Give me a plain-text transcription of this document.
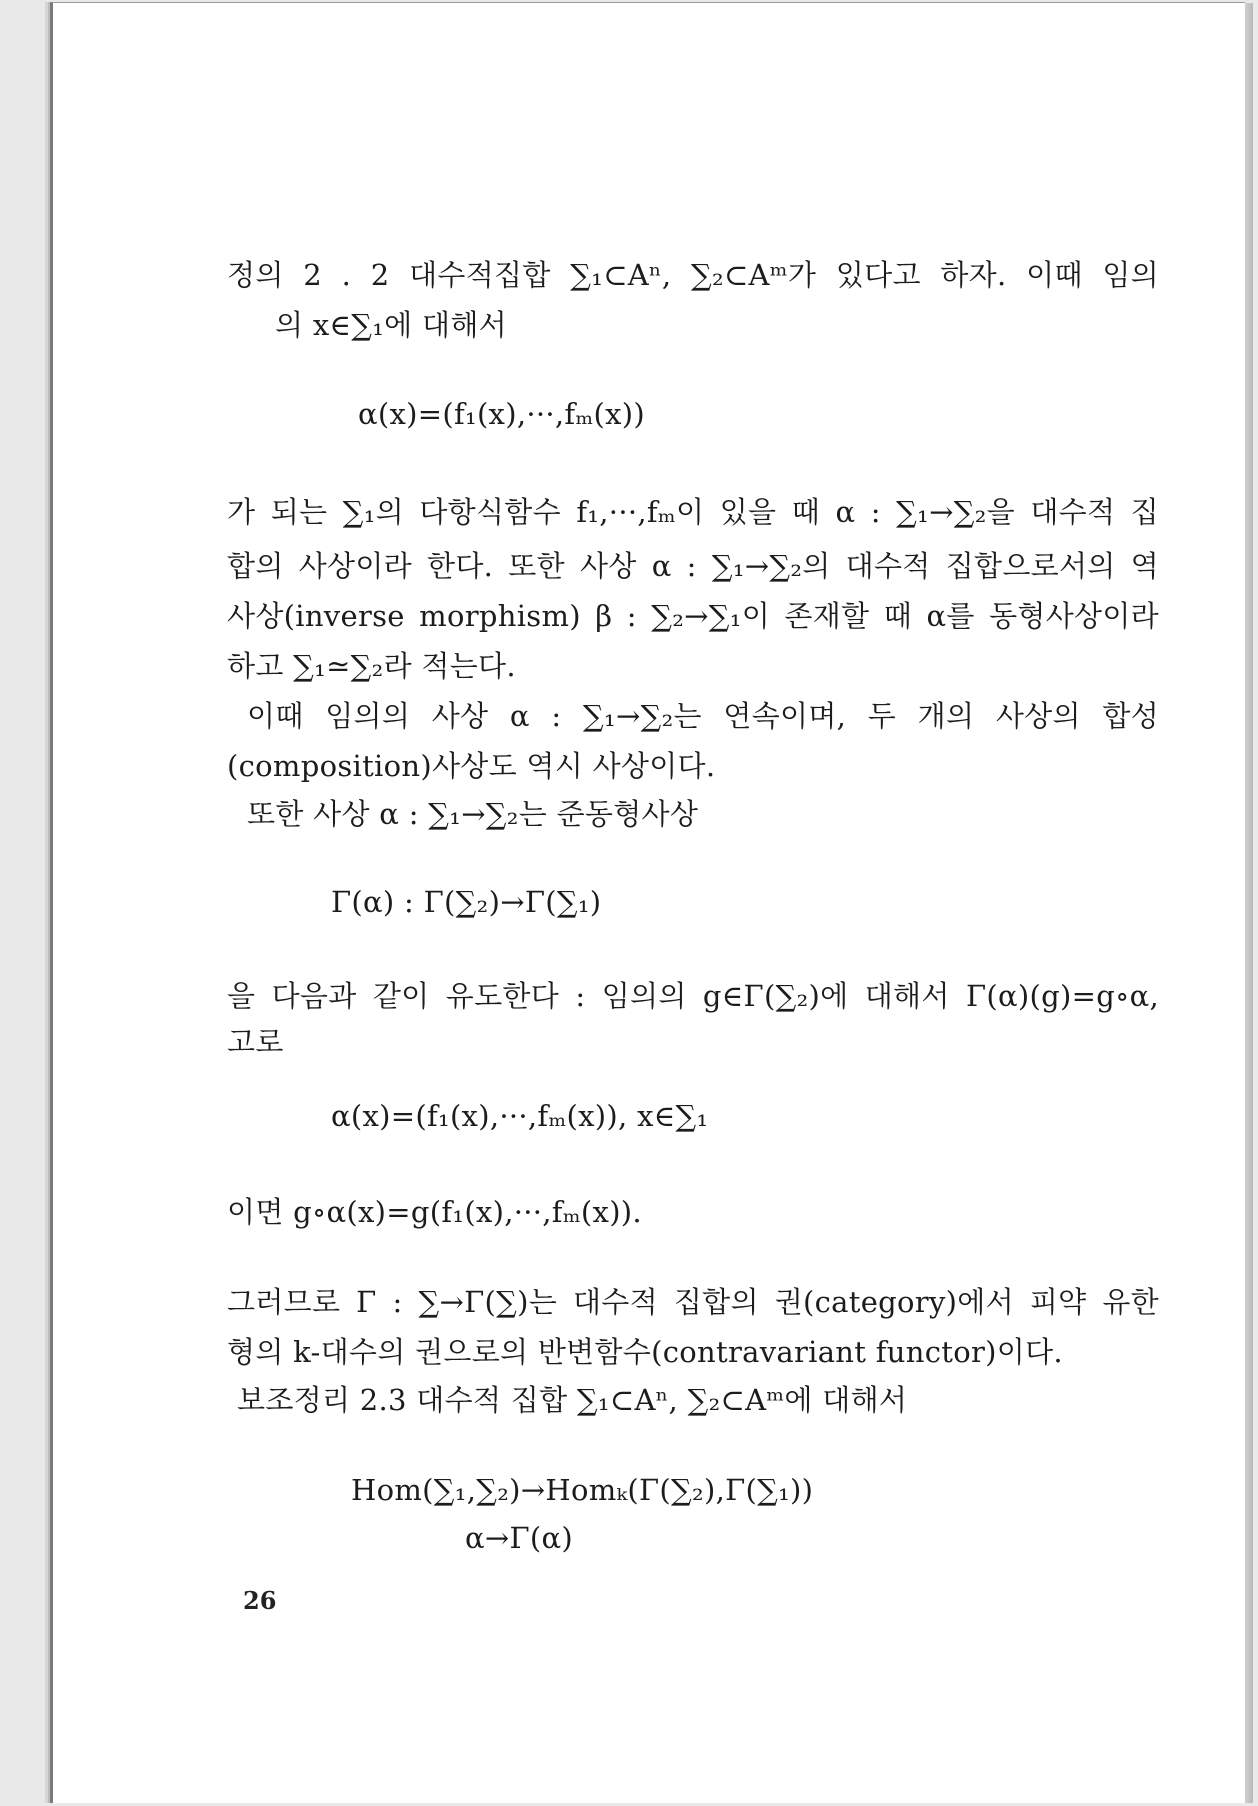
정의 2 . 2 대수적집합 ∑₁⊂Aⁿ, ∑₂⊂Aᵐ가 있다고 하자. 이때 임의
의 x∈∑₁에 대해서
α(x)=(f₁(x),···,fₘ(x))
가 되는 ∑₁의 다항식함수 f₁,···,fₘ이 있을 때 α : ∑₁→∑₂을 대수적 집
합의 사상이라 한다. 또한 사상 α : ∑₁→∑₂의 대수적 집합으로서의 역
사상(inverse morphism) β : ∑₂→∑₁이 존재할 때 α를 동형사상이라
하고 ∑₁≃∑₂라 적는다.
이때 임의의 사상 α : ∑₁→∑₂는 연속이며, 두 개의 사상의 합성
(composition)사상도 역시 사상이다.
또한 사상 α : ∑₁→∑₂는 준동형사상
Γ(α) : Γ(∑₂)→Γ(∑₁)
을 다음과 같이 유도한다 : 임의의 g∈Γ(∑₂)에 대해서 Γ(α)(g)=g∘α,
고로
α(x)=(f₁(x),···,fₘ(x)), x∈∑₁
이면 g∘α(x)=g(f₁(x),···,fₘ(x)).
그러므로 Γ : ∑→Γ(∑)는 대수적 집합의 권(category)에서 피약 유한
형의 k-대수의 권으로의 반변함수(contravariant functor)이다.
보조정리 2.3 대수적 집합 ∑₁⊂Aⁿ, ∑₂⊂Aᵐ에 대해서
Hom(∑₁,∑₂)→Homₖ(Γ(∑₂),Γ(∑₁))
α→Γ(α)
26
